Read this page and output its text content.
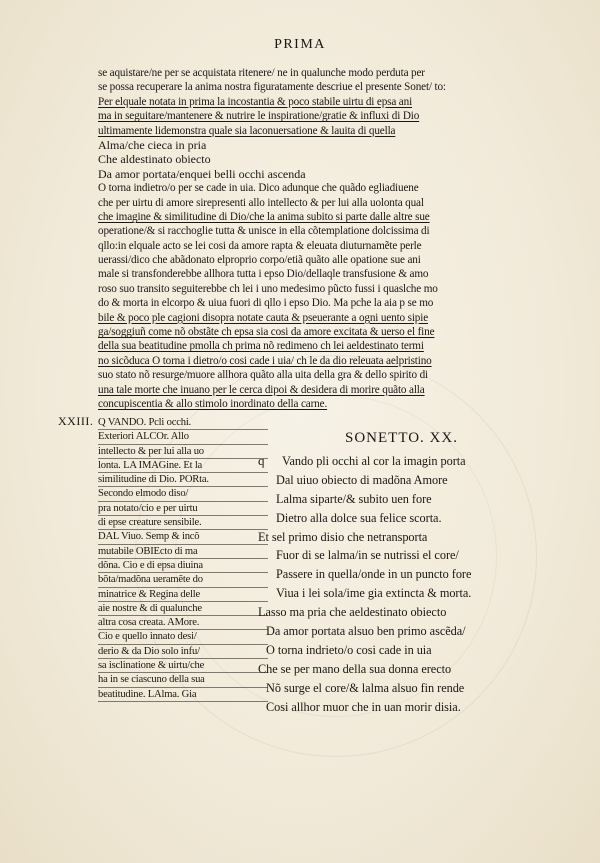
PRIMA
se aquistare/ne per se acquistata ritenere/ ne in qualunche modo perduta per
se possa recuperare la anima nostra figuratamente descriue el presente Sonet/ to:
Per elquale notata in prima la incostantia & poco stabile uirtu di epsa ani
ma in seguitare/mantenere & nutrire le inspiratione/gratie & influxi di Dio
ultimamente lidemonstra quale sia laconuersatione & lauita di quella
Alma/che cieca in pria
Che aldestinato obiecto
Da amor portata/enquei belli occhi ascenda
O torna indietro/o per se cade in uia. Dico adunque che quãdo egliadiuene
che per uirtu di amore sirepresenti allo intellecto & per lui alla uolonta qual
che imagine & similitudine di Dio/che la anima subito si parte dalle altre sue
operatione/& si racchoglie tutta & unisce in ella cõtemplatione dolcissima di
qllo:in elquale acto se lei cosi da amore rapta & eleuata diuturnamẽte perle
uerassi/dico che abãdonato elproprio corpo/etiã quãto alle opatione sue ani
male si transfonderebbe allhora tutta i epso Dio/dellaqle transfusione & amo
roso suo transito seguiterebbe ch lei i uno medesimo pũcto fussi i quaslche mo
do & morta in elcorpo & uiua fuori di qllo i epso Dio. Ma pche la aia p se mo
bile & poco ple cagioni disopra notate cauta & pseuerante a ogni uento sipie
ga/soggiuñ come nõ obstãte ch epsa sia cosi da amore excitata & uerso el fine
della sua beatitudine pmolla ch prima nõ redimeno ch lei aeldestinato termi
no sicõduca O torna i dietro/o cosi cade i uia/ ch le da dio releuata aelpristino
suo stato nõ resurge/muore allhora quãto alla uita della gra & dello spirito di
una tale morte che inuano per le cerca dipoi & desidera di morire quãto alla
concupiscentia & allo stimolo inordinato della carne.
XXIII. Q VANDO. Pcli occhi.
Exteriori ALCOr. Allo
intellecto & per lui alla uo
lonta. LA IMAGine. Et la
similitudine di Dio. PORta.
Secondo elmodo diso/
pra notato/cio e per uirtu
di epse creature sensibile.
DAL Viuo. Semp & incõ
mutabile OBIEcto di ma
dõna. Cio e di epsa diuina
bõta/madõna ueramẽte do
minatrice & Regina delle
aie nostre & di qualunche
altra cosa creata. AMore.
Cio e quello innato desi/
derio & da Dio solo infu/
sa isclinatione & uirtu/che
ha in se ciascuno della sua
beatitudine. LAlma. Gia
SONETTO. XX.
q Vando pli occhi al cor la imagin porta
Dal uiuo obiecto di madõna Amore
Lalma siparte/& subito uen fore
Dietro alla dolce sua felice scorta.
Et sel primo disio che netransporta
Fuor di se lalma/in se nutrissi el core/
Passere in quella/onde in un puncto fore
Viua i lei sola/ime gia extincta & morta.
Lasso ma pria che aeldestinato obiecto
Da amor portata alsuo ben primo ascẽda/
O torna indrieto/o cosi cade in uia
Che se per mano della sua donna erecto
Nõ surge el core/& lalma alsuo fin rende
Cosi allhor muor che in uan morir disia.
